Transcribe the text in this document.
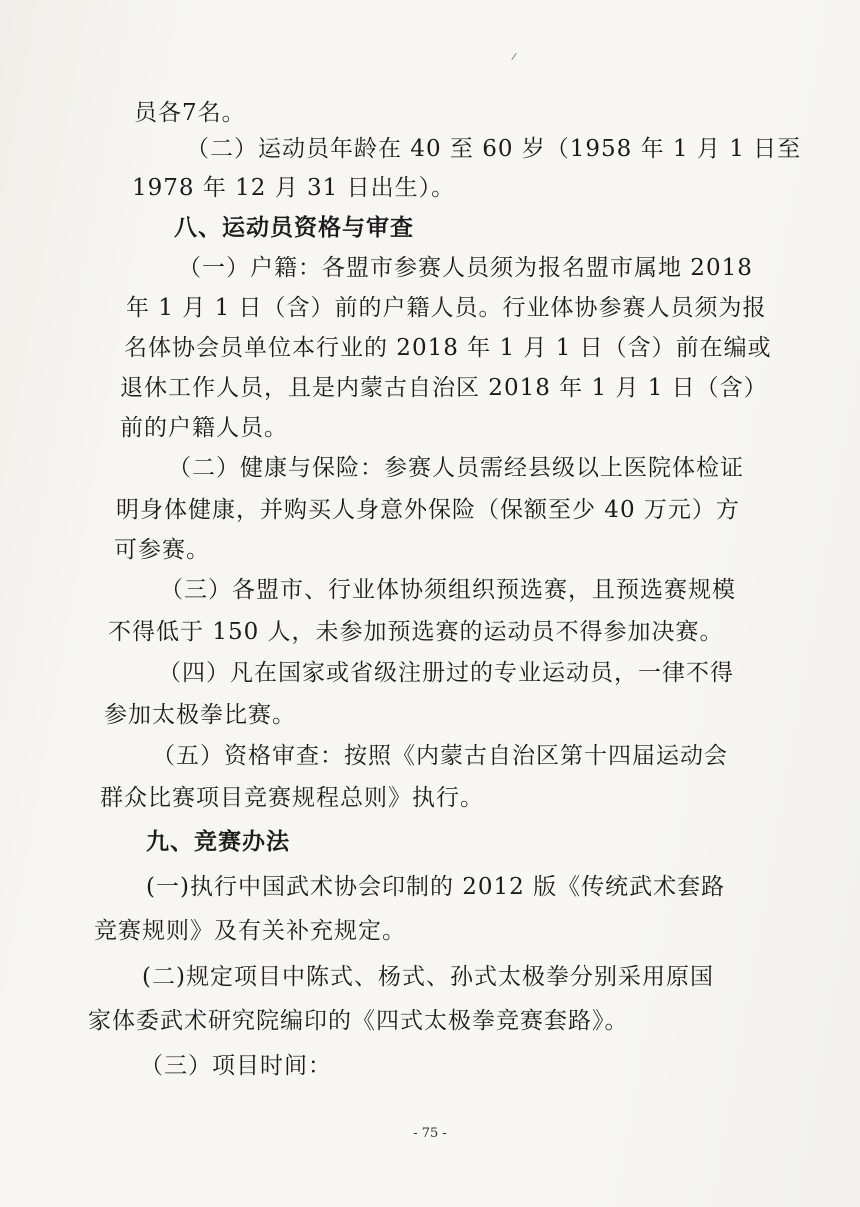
员各7名。
（二）运动员年龄在 40 至 60 岁（1958 年 1 月 1 日至
1978 年 12 月 31 日出生）。
八、运动员资格与审查
（一）户籍：各盟市参赛人员须为报名盟市属地 2018
年 1 月 1 日（含）前的户籍人员。行业体协参赛人员须为报
名体协会员单位本行业的 2018 年 1 月 1 日（含）前在编或
退休工作人员，且是内蒙古自治区 2018 年 1 月 1 日（含）
前的户籍人员。
（二）健康与保险：参赛人员需经县级以上医院体检证
明身体健康，并购买人身意外保险（保额至少 40 万元）方
可参赛。
（三）各盟市、行业体协须组织预选赛，且预选赛规模
不得低于 150 人，未参加预选赛的运动员不得参加决赛。
（四）凡在国家或省级注册过的专业运动员，一律不得
参加太极拳比赛。
（五）资格审查：按照《内蒙古自治区第十四届运动会
群众比赛项目竞赛规程总则》执行。
九、竞赛办法
(一)执行中国武术协会印制的 2012 版《传统武术套路
竞赛规则》及有关补充规定。
(二)规定项目中陈式、杨式、孙式太极拳分别采用原国
家体委武术研究院编印的《四式太极拳竞赛套路》。
（三）项目时间：
- 75 -
